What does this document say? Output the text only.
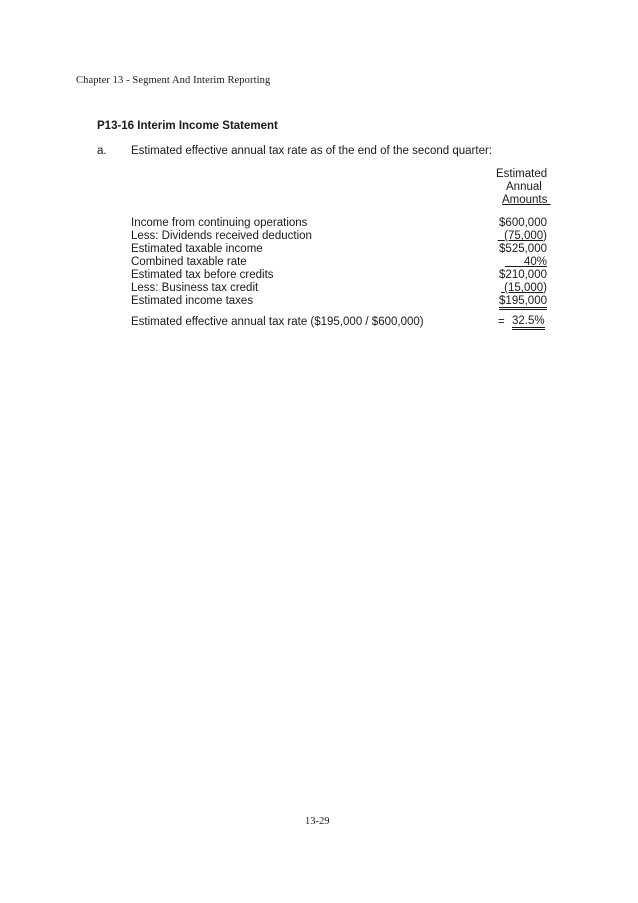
Chapter 13 - Segment And Interim Reporting
P13-16 Interim Income Statement
a. Estimated effective annual tax rate as of the end of the second quarter:
Estimated
Annual
Amounts
Income from continuing operations	$600,000
Less: Dividends received deduction	(75,000)
Estimated taxable income	$525,000
Combined taxable rate	40%
Estimated tax before credits	$210,000
Less: Business tax credit	(15,000)
Estimated income taxes	$195,000
Estimated effective annual tax rate ($195,000 / $600,000)	= 32.5%
13-29
